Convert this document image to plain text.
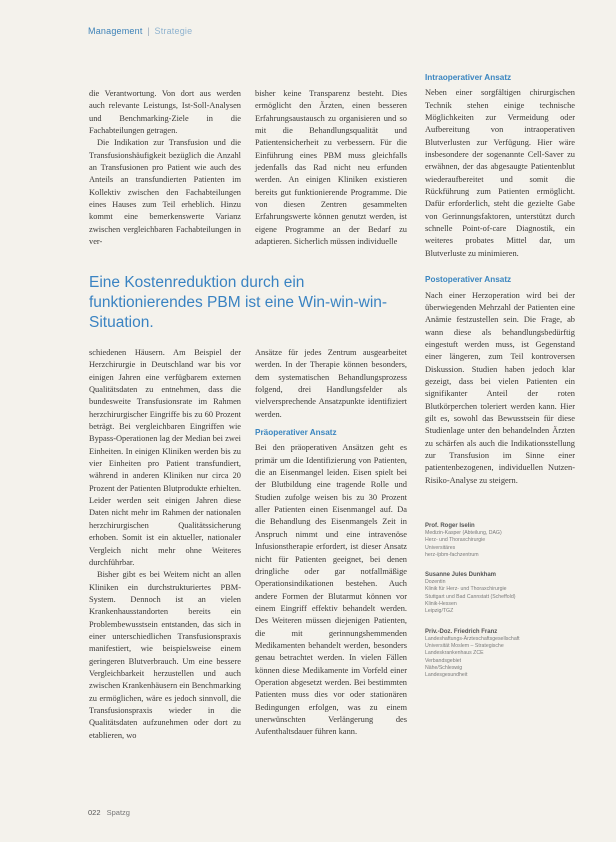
Management | Strategie

die Verantwortung. Von dort aus werden auch relevante Leistungs, Ist-Soll-Analysen und Benchmarking-Ziele in die Fachabteilungen getragen.

Die Indikation zur Transfusion und die Transfusionshäufigkeit bezüglich die Anzahl an Transfusionen pro Patient wie auch des Anteils an transfundierten Patienten im Kollektiv zwischen den Fachabteilungen eines Hauses zum Teil erheblich. Hinzu kommt eine bemerkenswerte Varianz zwischen vergleichbaren Fachabteilungen in ver-

bisher keine Transparenz besteht. Dies ermöglicht den Ärzten, einen besseren Erfahrungsaustausch zu organisieren und so mit die Behandlungsqualität und Patientensicherheit zu verbessern. Für die Einführung eines PBM muss gleichfalls jedenfalls das Rad nicht neu erfunden werden. An einigen Kliniken existieren bereits gut funktionierende Programme. Die von diesen Zentren gesammelten Erfahrungswerte können genutzt werden, ist eigene Programme an der Bedarf zu adaptieren. Sicherlich müssen individuelle

Eine Kostenreduktion durch ein funktionierendes PBM ist eine Win-win-win-Situation.

schiedenen Häusern. Am Beispiel der Herzchirurgie in Deutschland war bis vor einigen Jahren eine verfügbarem externen Qualitätsdaten zu entnehmen, dass die bundesweite Transfusionsrate im Rahmen herzchirurgischer Eingriffe bis zu 60 Prozent beträgt. Bei vergleichbaren Eingriffen wie Bypass-Operationen lag der Median bei zwei Einheiten. In einigen Kliniken werden bis zu vier Einheiten pro Patient transfundiert, während in anderen Kliniken nur circa 20 Prozent der Patienten Blutprodukte erhielten. Leider werden seit einigen Jahren diese Daten nicht mehr im Rahmen der nationalen herzchirurgischen Qualitätssicherung erhoben. Somit ist ein aktueller, nationaler Vergleich nicht mehr ohne Weiteres durchführbar.

Bisher gibt es bei Weitem nicht an allen Kliniken ein durchstrukturiertes PBM-System. Dennoch ist an vielen Krankenhausstandorten bereits ein Problembewusstsein entstanden, das sich in einer unterschiedlichen Transfusionspraxis manifestiert, wie beispielsweise einem geringeren Blutverbrauch. Um eine bessere Vergleichbarkeit herzustellen und auch zwischen Krankenhäusern ein Benchmarking zu ermöglichen, wäre es jedoch sinnvoll, die Transfusionspraxis wieder in die Qualitätsdaten aufzunehmen oder dort zu etablieren, wo

Ansätze für jedes Zentrum ausgearbeitet werden. In der Therapie können besonders, dem systematischen Behandlungsprozess folgend, drei Handlungsfelder als vielversprechende Ansatzpunkte identifiziert werden.

Präoperativer Ansatz

Bei den präoperativen Ansätzen geht es primär um die Identifizierung von Patienten, die an Eisenmangel leiden. Eisen spielt bei der Blutbildung eine tragende Rolle und Studien zufolge weisen bis zu 30 Prozent aller Patienten einen Eisenmangel auf. Da die Behandlung des Eisenmangels Zeit in Anspruch nimmt und eine intravenöse Infusionstherapie erfordert, ist dieser Ansatz nicht für Patienten geeignet, bei denen dringliche oder gar notfallmäßige Operationsindikationen bestehen. Auch andere Formen der Blutarmut können vor einem Eingriff effektiv behandelt werden. Des Weiteren müssen diejenigen Patienten, die mit gerinnungshemmenden Medikamenten behandelt werden, besonders genau betrachtet werden. In vielen Fällen können diese Medikamente im Vorfeld einer Operation abgesetzt werden. Bei bestimmten Patienten muss dies vor oder stationären Bedingungen erfolgen, was zu einem unerwünschten Verlängerung des Aufenthaltsdauer führen kann.

Intraoperativer Ansatz

Neben einer sorgfältigen chirurgischen Technik stehen einige technische Möglichkeiten zur Vermeidung oder Aufbereitung von intraoperativen Blutverlusten zur Verfügung. Hier wäre insbesondere der sogenannte Cell-Saver zu erwähnen, der das abgesaugte Patientenblut wiederaufbereitet und somit die Rückführung zum Patienten ermöglicht. Dafür erforderlich, steht die gezielte Gabe von Gerinnungsfaktoren, unterstützt durch schnelle Point-of-care Diagnostik, ein weiteres probates Mittel dar, um Blutverluste zu minimieren.

Postoperativer Ansatz

Nach einer Herzoperation wird bei der überwiegenden Mehrzahl der Patienten eine Anämie festzustellen sein. Die Frage, ab wann diese als behandlungsbedürftig eingestuft werden muss, ist Gegenstand einer längeren, zum Teil kontroversen Diskussion. Studien haben jedoch klar gezeigt, dass bei vielen Patienten ein signifikanter Anteil der roten Blutkörperchen toleriert werden kann. Hier gilt es, sowohl das Bewusstsein für diese Studienlage unter den behandelnden Ärzten zu schärfen als auch die Indikationsstellung zur Transfusion im Sinne einer patientenbezogenen, individuellen Nutzen-Risiko-Analyse zu steigern.

Prof. Roger Iselin
Medizin-Kasper (Abteilung, DAG)
Herz- und Thoraxchirurgie
Universitäres
herz-/pbm-fachzentrum
Susanne Jules Dunkham
Dozentin
Klinik für Herz- und Thoraxchirurgie
Stuttgart und Bad Cannstatt (Scheffold)
Klinik-Hessen
Leipzig/TGZ
Priv.-Doz. Friedrich Franz
Landeshaftungs-Ärzteschaftsgesellschaft
Universität Moslem – Strategische
Landeskrankenhaus ZCE
Verbandsgebiet
Nähe/Schleswig
Landesgesundheit
022 Spatzg
